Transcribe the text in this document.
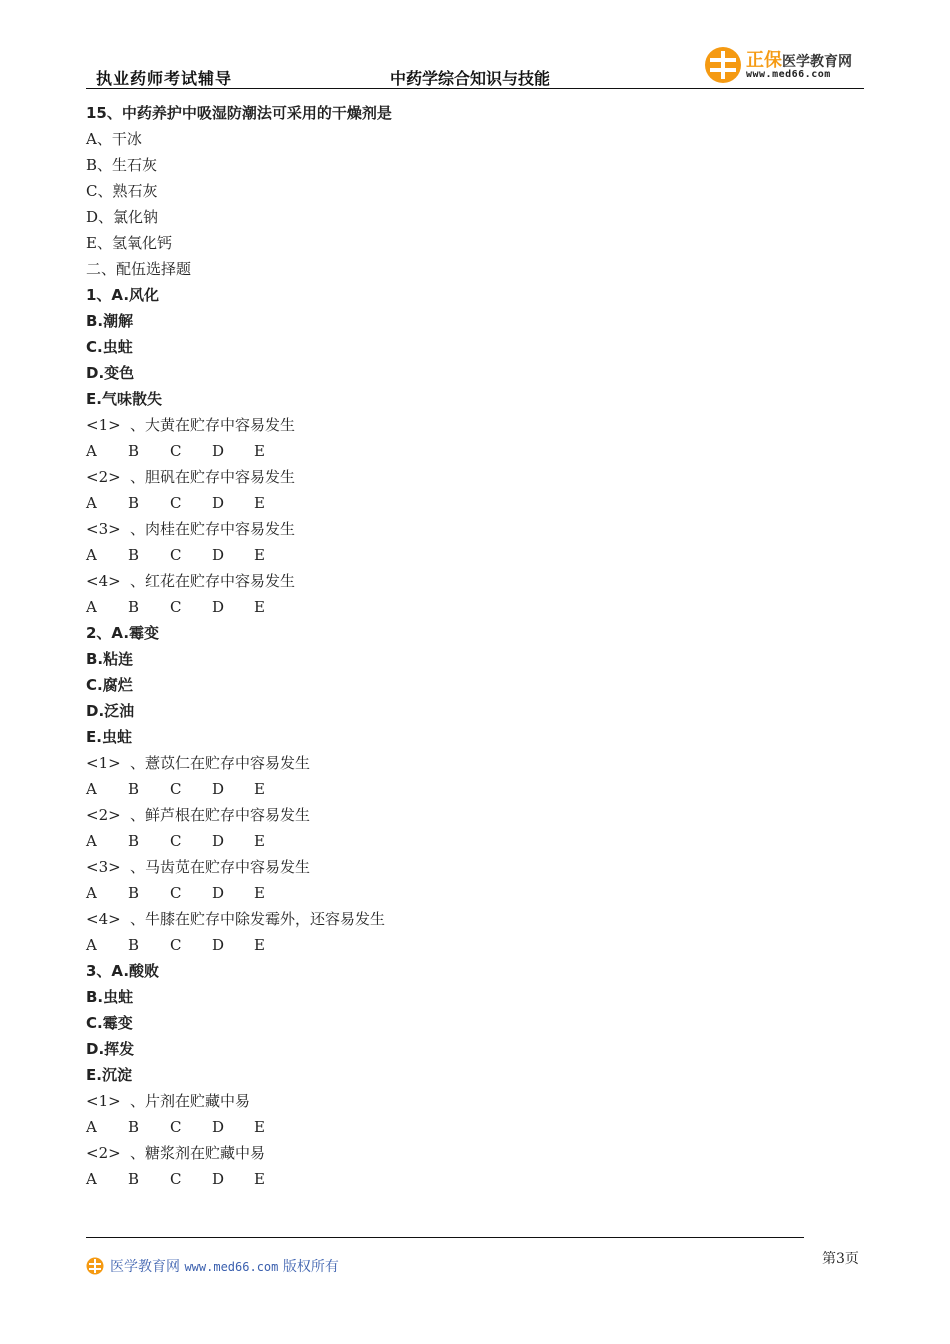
执业药师考试辅导	中药学综合知识与技能
正保医学教育网
www.med66.com
15、中药养护中吸湿防潮法可采用的干燥剂是
A、干冰
B、生石灰
C、熟石灰
D、氯化钠
E、氢氧化钙
二、配伍选择题
1、A.风化
B.潮解
C.虫蛀
D.变色
E.气味散失
<1> 、大黄在贮存中容易发生
A B C D E
<2> 、胆矾在贮存中容易发生
A B C D E
<3> 、肉桂在贮存中容易发生
A B C D E
<4> 、红花在贮存中容易发生
A B C D E
2、A.霉变
B.粘连
C.腐烂
D.泛油
E.虫蛀
<1> 、薏苡仁在贮存中容易发生
A B C D E
<2> 、鲜芦根在贮存中容易发生
A B C D E
<3> 、马齿苋在贮存中容易发生
A B C D E
<4> 、牛膝在贮存中除发霉外，还容易发生
A B C D E
3、A.酸败
B.虫蛀
C.霉变
D.挥发
E.沉淀
<1> 、片剂在贮藏中易
A B C D E
<2> 、糖浆剂在贮藏中易
A B C D E
医学教育网 www.med66.com 版权所有	第3页
